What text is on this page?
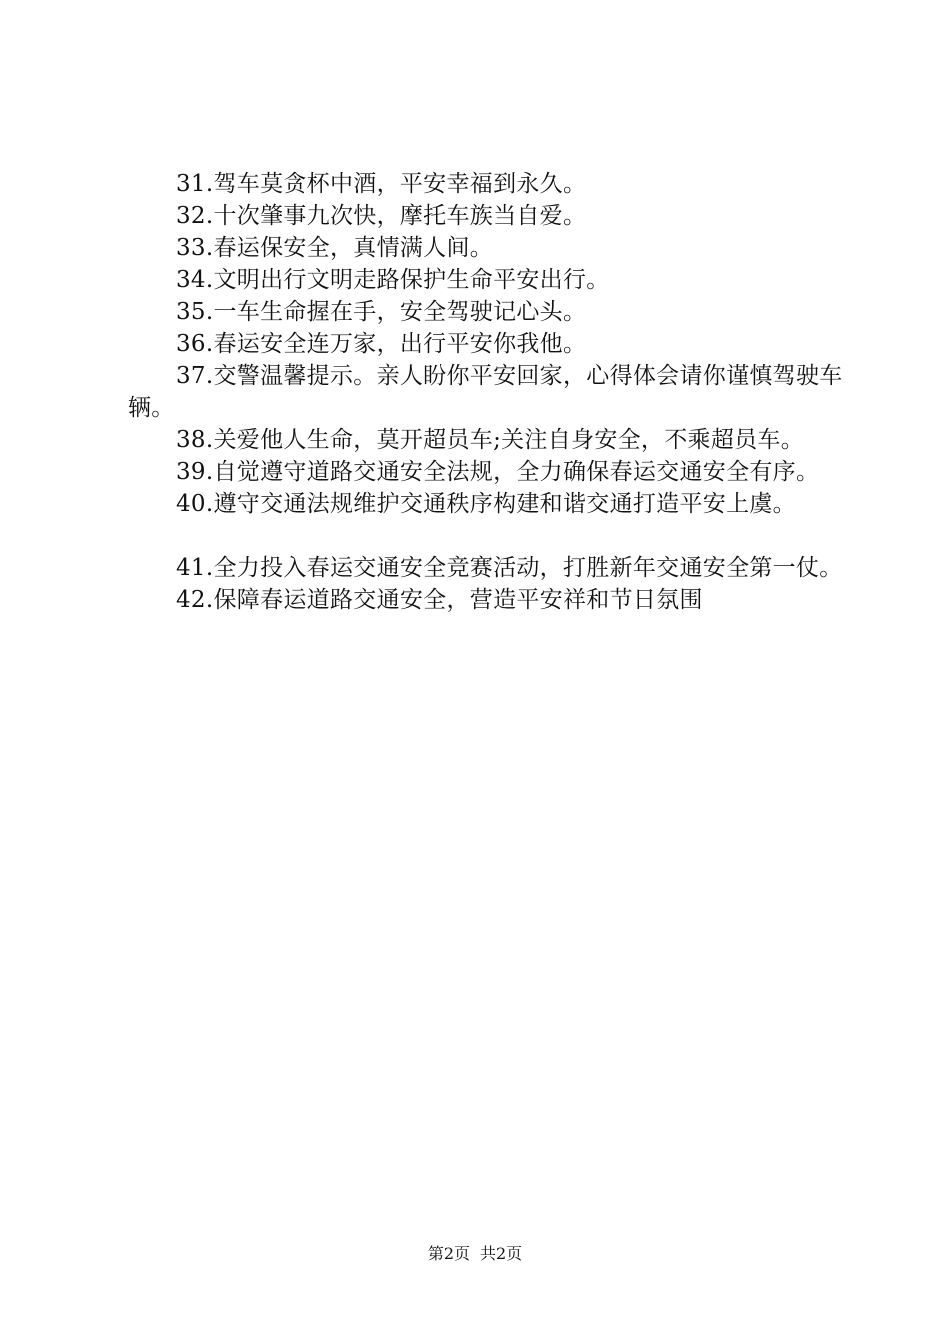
31.驾车莫贪杯中酒，平安幸福到永久。

32.十次肇事九次快，摩托车族当自爱。

33.春运保安全，真情满人间。

34.文明出行文明走路保护生命平安出行。

35.一车生命握在手，安全驾驶记心头。

36.春运安全连万家，出行平安你我他。

37.交警温馨提示。亲人盼你平安回家，心得体会请你谨慎驾驶车辆。

38.关爱他人生命，莫开超员车;关注自身安全，不乘超员车。

39.自觉遵守道路交通安全法规，全力确保春运交通安全有序。

40.遵守交通法规维护交通秩序构建和谐交通打造平安上虞。

41.全力投入春运交通安全竞赛活动，打胜新年交通安全第一仗。

42.保障春运道路交通安全，营造平安祥和节日氛围

第2页 共2页
